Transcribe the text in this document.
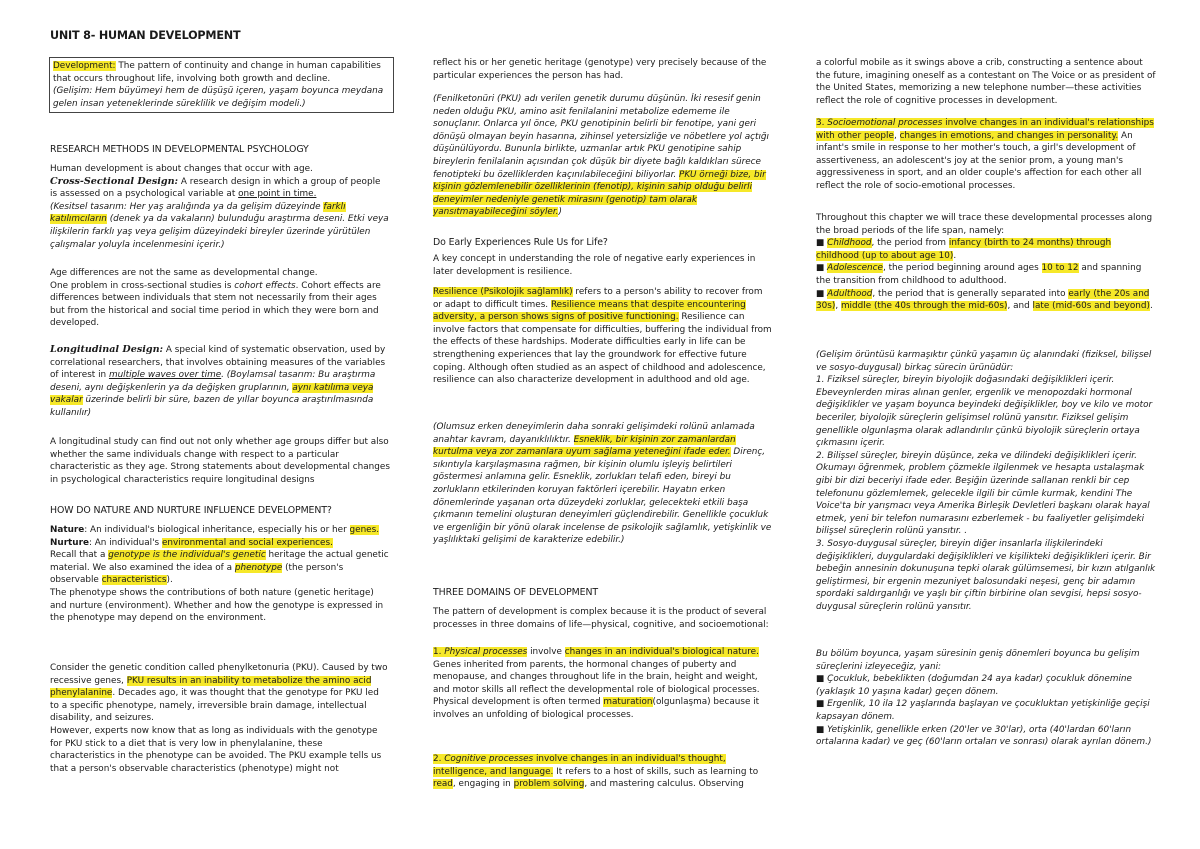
UNIT 8- HUMAN DEVELOPMENT

Development: The pattern of continuity and change in human capabilities that occurs throughout life, involving both growth and decline.

(Gelişim: Hem büyümeyi hem de düşüşü içeren, yaşam boyunca meydana gelen insan yeteneklerinde süreklilik ve değişim modeli.)

RESEARCH METHODS IN DEVELOPMENTAL PSYCHOLOGY

Human development is about changes that occur with age.

Cross-Sectional Design: A research design in which a group of people is assessed on a psychological variable at one point in time.

(Kesitsel tasarım: Her yaş aralığında ya da gelişim düzeyinde farklı katılımcıların (denek ya da vakaların) bulunduğu araştırma deseni. Etki veya ilişkilerin farklı yaş veya gelişim düzeyindeki bireyler üzerinde yürütülen çalışmalar yoluyla incelenmesini içerir.)

Age differences are not the same as developmental change.

One problem in cross-sectional studies is cohort effects. Cohort effects are differences between individuals that stem not necessarily from their ages but from the historical and social time period in which they were born and developed.

Longitudinal Design: A special kind of systematic observation, used by correlational researchers, that involves obtaining measures of the variables of interest in multiple waves over time. (Boylamsal tasarım: Bu araştırma deseni, aynı değişkenlerin ya da değişken gruplarının, aynı katılıma veya vakalar üzerinde belirli bir süre, bazen de yıllar boyunca araştırılmasında kullanılır)

A longitudinal study can find out not only whether age groups differ but also whether the same individuals change with respect to a particular characteristic as they age. Strong statements about developmental changes in psychological characteristics require longitudinal designs
HOW DO NATURE AND NURTURE INFLUENCE DEVELOPMENT?

Nature: An individual's biological inheritance, especially his or her genes.

Nurture: An individual's environmental and social experiences.

Recall that a genotype is the individual's genetic heritage the actual genetic material. We also examined the idea of a phenotype (the person's observable characteristics).

The phenotype shows the contributions of both nature (genetic heritage) and nurture (environment). Whether and how the genotype is expressed in the phenotype may depend on the environment.

Consider the genetic condition called phenylketonuria (PKU). Caused by two recessive genes, PKU results in an inability to metabolize the amino acid phenylalanine. Decades ago, it was thought that the genotype for PKU led to a specific phenotype, namely, irreversible brain damage, intellectual disability, and seizures.

However, experts now know that as long as individuals with the genotype for PKU stick to a diet that is very low in phenylalanine, these characteristics in the phenotype can be avoided. The PKU example tells us that a person's observable characteristics (phenotype) might not

reflect his or her genetic heritage (genotype) very precisely because of the particular experiences the person has had.

(Fenilketonüri (PKU) adı verilen genetik durumu düşünün. İki resesif genin neden olduğu PKU, amino asit fenilalanini metabolize edememe ile sonuçlanır. Onlarca yıl önce, PKU genotipinin belirli bir fenotipe, yani geri dönüşü olmayan beyin hasarına, zihinsel yetersizliğe ve nöbetlere yol açtığı düşünülüyordu. Bununla birlikte, uzmanlar artık PKU genotipine sahip bireylerin fenilalanin açısından çok düşük bir diyete bağlı kaldıkları sürece fenotipteki bu özelliklerden kaçınılabileceğini biliyorlar. PKU örneği bize, bir kişinin gözlemlenebilir özelliklerinin (fenotip), kişinin sahip olduğu belirli deneyimler nedeniyle genetik mirasını (genotip) tam olarak yansıtmayabileceğini söyler.)

Do Early Experiences Rule Us for Life?
A key concept in understanding the role of negative early experiences in later development is resilience.

Resilience (Psikolojik sağlamlık) refers to a person's ability to recover from or adapt to difficult times. Resilience means that despite encountering adversity, a person shows signs of positive functioning. Resilience can involve factors that compensate for difficulties, buffering the individual from the effects of these hardships. Moderate difficulties early in life can be strengthening experiences that lay the groundwork for effective future coping. Although often studied as an aspect of childhood and adolescence, resilience can also characterize development in adulthood and old age.

(Olumsuz erken deneyimlerin daha sonraki gelişimdeki rolünü anlamada anahtar kavram, dayanıklılıktır. Esneklik, bir kişinin zor zamanlardan kurtulma veya zor zamanlara uyum sağlama yeteneğini ifade eder. Direnç, sıkıntıyla karşılaşmasına rağmen, bir kişinin olumlu işleyiş belirtileri göstermesi anlamına gelir. Esneklik, zorlukları telafi eden, bireyi bu zorlukların etkilerinden koruyan faktörleri içerebilir. Hayatın erken dönemlerinde yaşanan orta düzeydeki zorluklar, gelecekteki etkili başa çıkmanın temelini oluşturan deneyimleri güçlendirebilir. Genellikle çocukluk ve ergenliğin bir yönü olarak incelense de psikolojik sağlamlık, yetişkinlik ve yaşlılıktaki gelişimi de karakterize edebilir.)

THREE DOMAINS OF DEVELOPMENT
The pattern of development is complex because it is the product of several processes in three domains of life—physical, cognitive, and socioemotional:

1. Physical processes involve changes in an individual's biological nature. Genes inherited from parents, the hormonal changes of puberty and menopause, and changes throughout life in the brain, height and weight, and motor skills all reflect the developmental role of biological processes. Physical development is often termed maturation(olgunlaşma) because it involves an unfolding of biological processes.

2. Cognitive processes involve changes in an individual's thought, intelligence, and language. It refers to a host of skills, such as learning to read, engaging in problem solving, and mastering calculus. Observing

a colorful mobile as it swings above a crib, constructing a sentence about the future, imagining oneself as a contestant on The Voice or as president of the United States, memorizing a new telephone number—these activities reflect the role of cognitive processes in development.

3. Socioemotional processes involve changes in an individual's relationships with other people, changes in emotions, and changes in personality. An infant's smile in response to her mother's touch, a girl's development of assertiveness, an adolescent's joy at the senior prom, a young man's aggressiveness in sport, and an older couple's affection for each other all reflect the role of socio-emotional processes.

Throughout this chapter we will trace these developmental processes along the broad periods of the life span, namely:

■ Childhood, the period from infancy (birth to 24 months) through childhood (up to about age 10).

■ Adolescence, the period beginning around ages 10 to 12 and spanning the transition from childhood to adulthood.

■ Adulthood, the period that is generally separated into early (the 20s and 30s), middle (the 40s through the mid-60s), and late (mid-60s and beyond).

(Gelişim örüntüsü karmaşıktır çünkü yaşamın üç alanındaki (fiziksel, bilişsel ve sosyo-duygusal) birkaç sürecin ürünüdür:
1. Fiziksel süreçler, bireyin biyolojik doğasındaki değişiklikleri içerir. Ebeveynlerden miras alınan genler, ergenlik ve menopozdaki hormonal değişiklikler ve yaşam boyunca beyindeki değişiklikler, boy ve kilo ve motor beceriler, biyolojik süreçlerin gelişimsel rolünü yansıtır. Fiziksel gelişim genellikle olgunlaşma olarak adlandırılır çünkü biyolojik süreçlerin ortaya çıkmasını içerir.
2. Bilişsel süreçler, bireyin düşünce, zeka ve dilindeki değişiklikleri içerir. Okumayı öğrenmek, problem çözmekle ilgilenmek ve hesapta ustalaşmak gibi bir dizi beceriyi ifade eder. Beşiğin üzerinde sallanan renkli bir cep telefonunu gözlemlemek, gelecekle ilgili bir cümle kurmak, kendini The Voice'ta bir yarışmacı veya Amerika Birleşik Devletleri başkanı olarak hayal etmek, yeni bir telefon numarasını ezberlemek - bu faaliyetler gelişimdeki bilişsel süreçlerin rolünü yansıtır. .
3. Sosyo-duygusal süreçler, bireyin diğer insanlarla ilişkilerindeki değişiklikleri, duygulardaki değişiklikleri ve kişilikteki değişiklikleri içerir. Bir bebeğin annesinin dokunuşuna tepki olarak gülümsemesi, bir kızın atılganlık geliştirmesi, bir ergenin mezuniyet balosundaki neşesi, genç bir adamın spordaki saldırganlığı ve yaşlı bir çiftin birbirine olan sevgisi, hepsi sosyo-duygusal süreçlerin rolünü yansıtır.
Bu bölüm boyunca, yaşam süresinin geniş dönemleri boyunca bu gelişim süreçlerini izleyeceğiz, yani:
■ Çocukluk, bebeklikten (doğumdan 24 aya kadar) çocukluk dönemine (yaklaşık 10 yaşına kadar) geçen dönem.
■ Ergenlik, 10 ila 12 yaşlarında başlayan ve çocukluktan yetişkinliğe geçişi kapsayan dönem.
■ Yetişkinlik, genellikle erken (20'ler ve 30'lar), orta (40'lardan 60'ların ortalarına kadar) ve geç (60'ların ortaları ve sonrası) olarak ayrılan dönem.)
